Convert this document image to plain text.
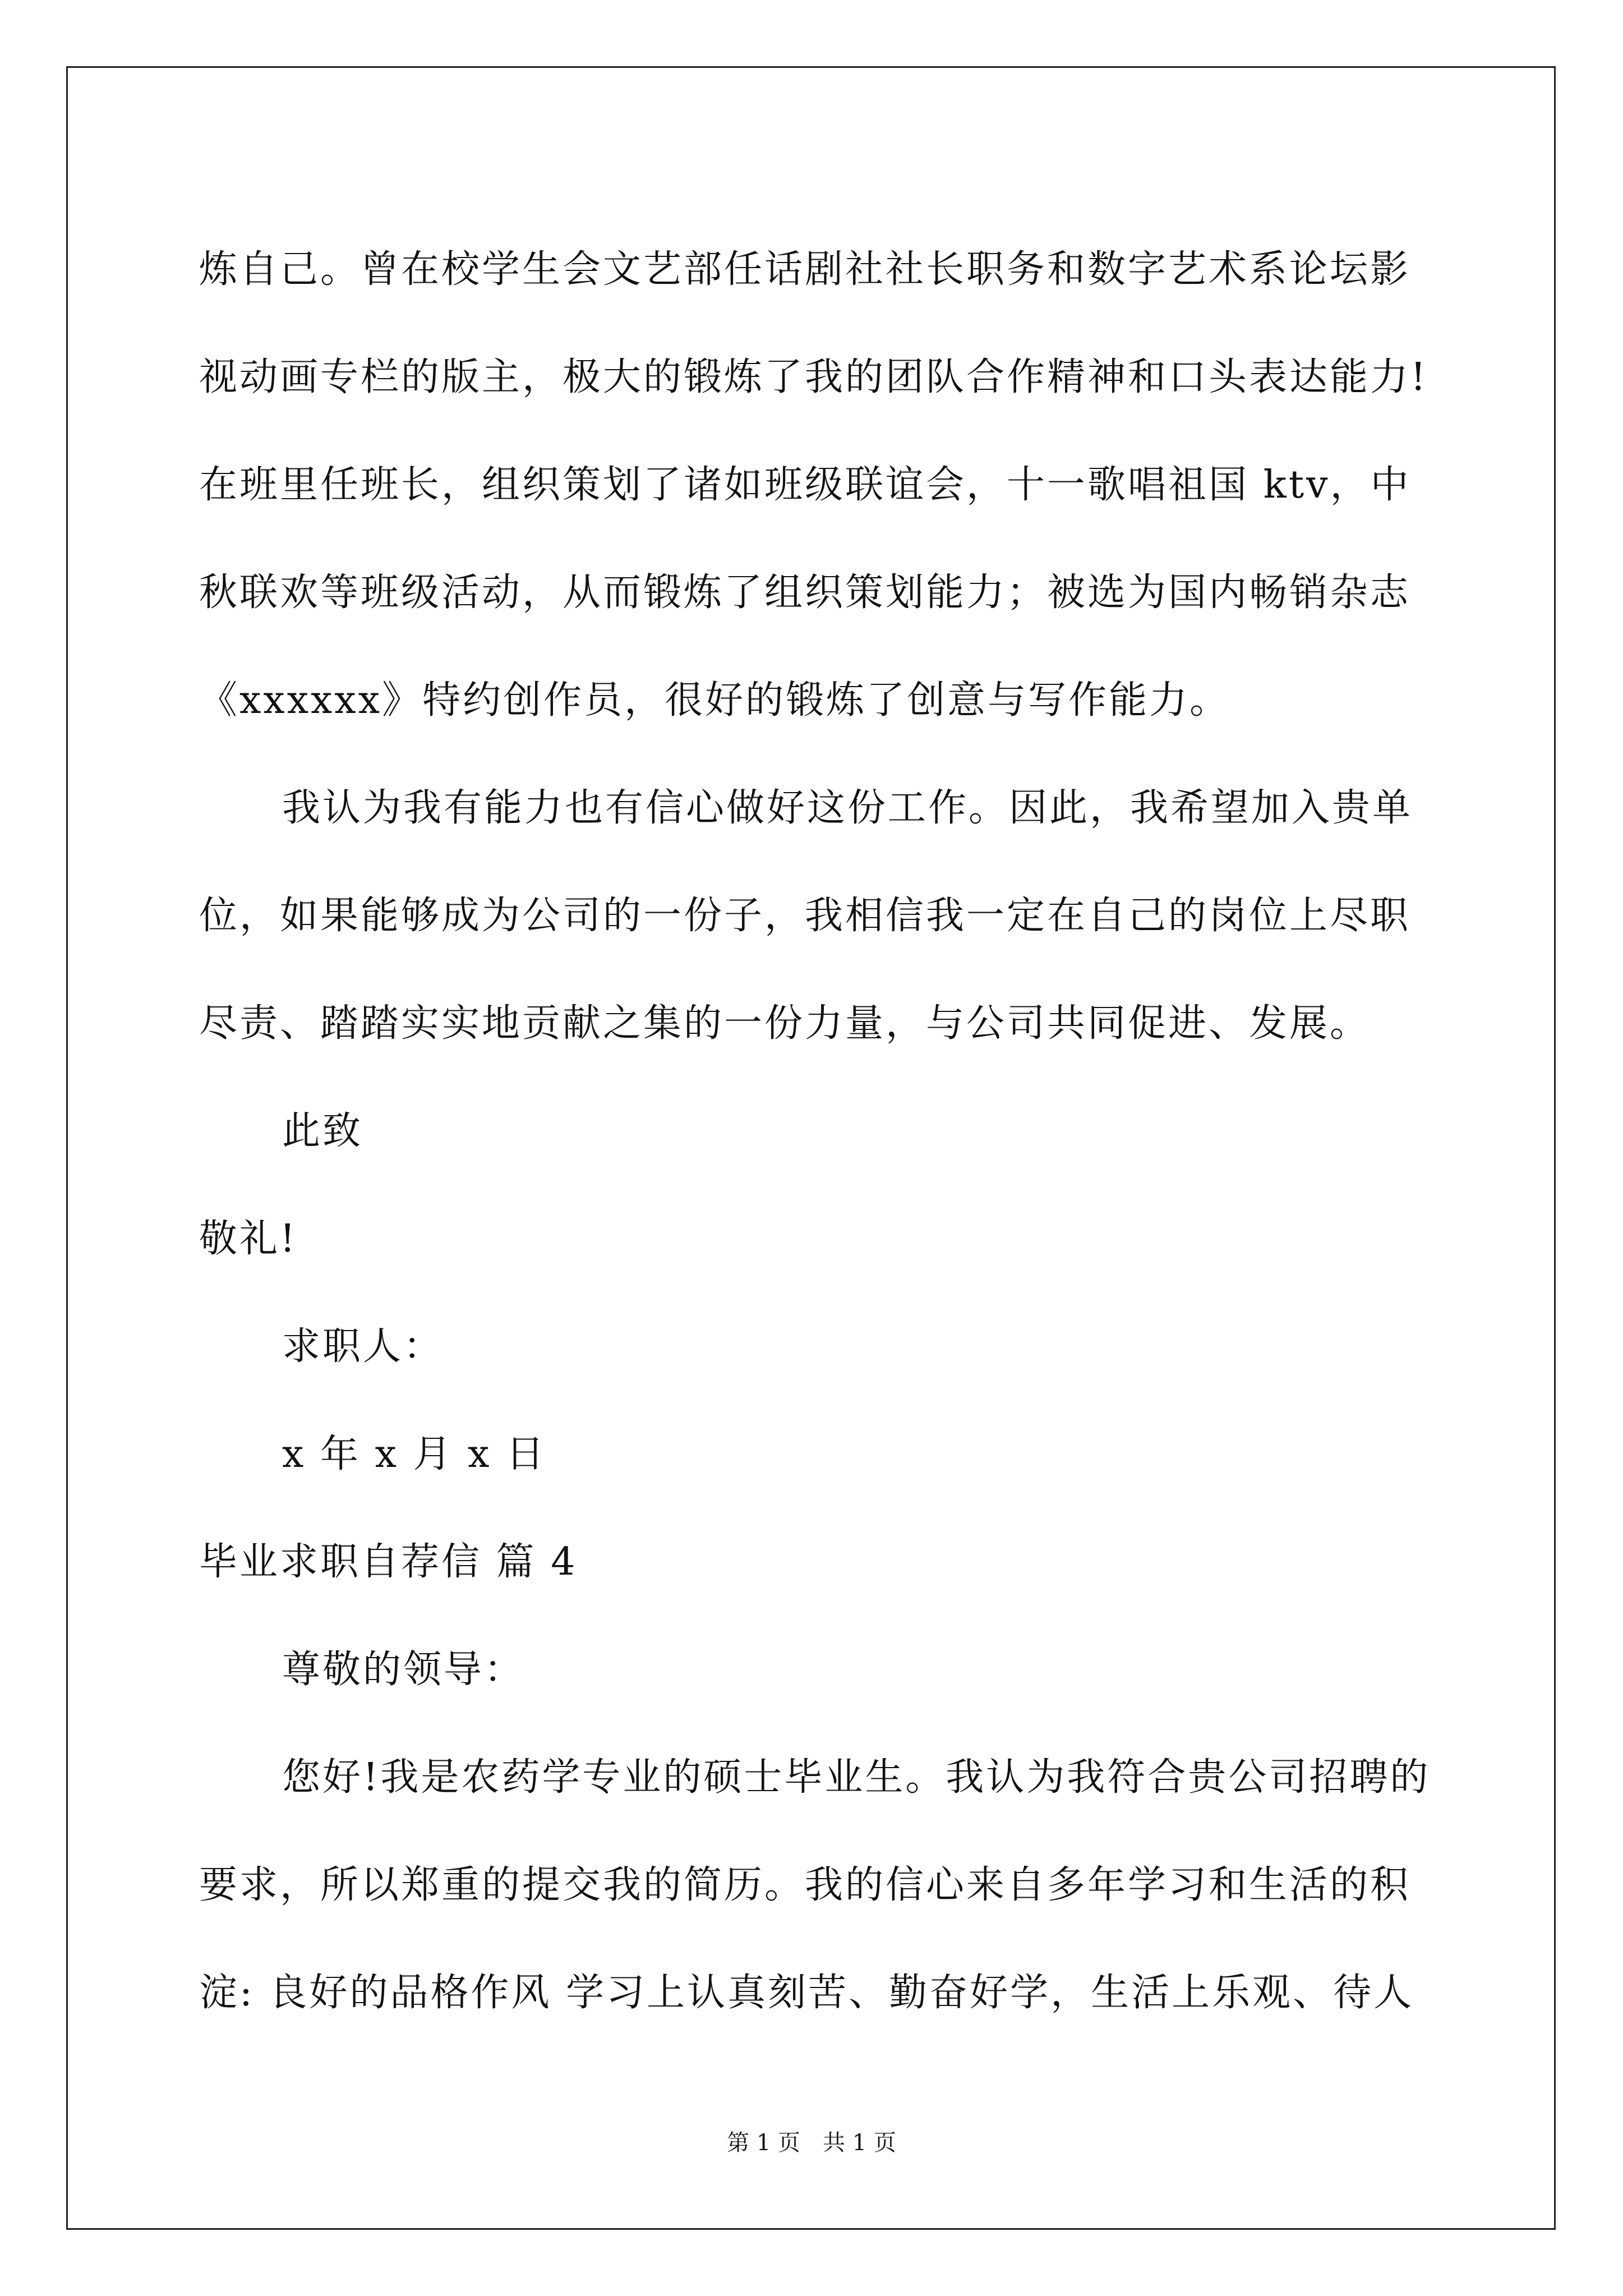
炼自己。曾在校学生会文艺部任话剧社社长职务和数字艺术系论坛影
视动画专栏的版主，极大的锻炼了我的团队合作精神和口头表达能力!
在班里任班长，组织策划了诸如班级联谊会，十一歌唱祖国 ktv，中
秋联欢等班级活动，从而锻炼了组织策划能力；被选为国内畅销杂志
《xxxxxx》特约创作员，很好的锻炼了创意与写作能力。
我认为我有能力也有信心做好这份工作。因此，我希望加入贵单
位，如果能够成为公司的一份子，我相信我一定在自己的岗位上尽职
尽责、踏踏实实地贡献之集的一份力量，与公司共同促进、发展。
此致
敬礼!
求职人：
x 年 x 月 x 日
毕业求职自荐信 篇 4
尊敬的领导：
您好!我是农药学专业的硕士毕业生。我认为我符合贵公司招聘的
要求，所以郑重的提交我的简历。我的信心来自多年学习和生活的积
淀: 良好的品格作风 学习上认真刻苦、勤奋好学，生活上乐观、待人
第 1 页　共 1 页
